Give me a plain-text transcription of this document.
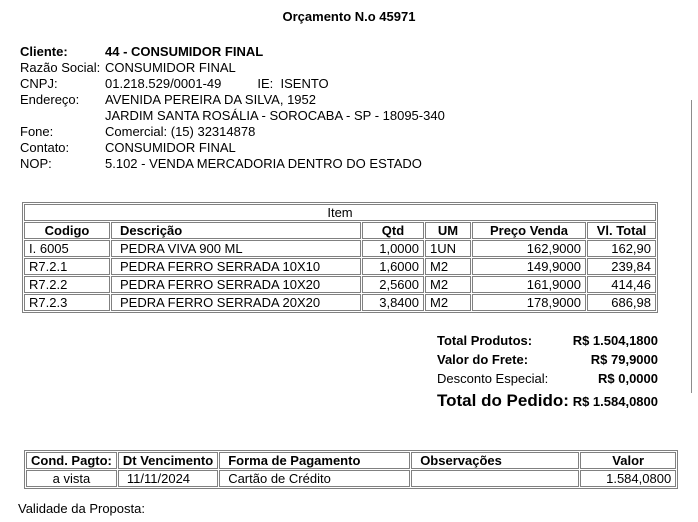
Orçamento N.o 45971
Cliente:	44 - CONSUMIDOR FINAL
Razão Social: CONSUMIDOR FINAL
CNPJ:	01.218.529/0001-49	IE:  ISENTO
Endereço:	AVENIDA PEREIRA DA SILVA, 1952
JARDIM SANTA ROSÁLIA - SOROCABA - SP - 18095-340
Fone:	Comercial: (15) 32314878
Contato:	CONSUMIDOR FINAL
NOP:	5.102 - VENDA MERCADORIA DENTRO DO ESTADO
Item					
Codigo	Descrição	Qtd	UM	Preço Venda	Vl. Total
I. 6005	PEDRA VIVA 900 ML	1,0000	1UN	162,9000	162,90
R7.2.1	PEDRA FERRO SERRADA 10X10	1,6000	M2	149,9000	239,84
R7.2.2	PEDRA FERRO SERRADA 10X20	2,5600	M2	161,9000	414,46
R7.2.3	PEDRA FERRO SERRADA 20X20	3,8400	M2	178,9000	686,98
Total Produtos:	R$ 1.504,1800
Valor do Frete:	R$ 79,9000
Desconto Especial:	R$ 0,0000
Total do Pedido: R$ 1.584,0800
Cond. Pagto:	Dt Vencimento	Forma de Pagamento	Observações	Valor
a vista	11/11/2024	Cartão de Crédito		1.584,0800
Validade da Proposta:
